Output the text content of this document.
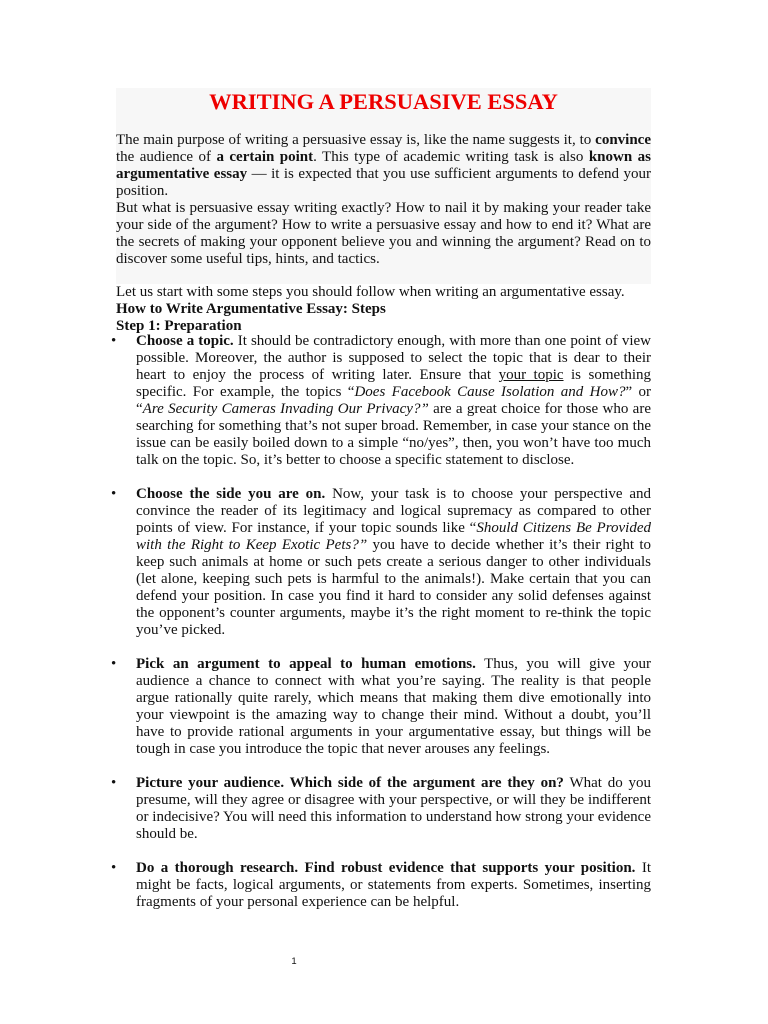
WRITING A PERSUASIVE ESSAY

The main purpose of writing a persuasive essay is, like the name suggests it, to convince the audience of a certain point. This type of academic writing task is also known as argumentative essay — it is expected that you use sufficient arguments to defend your position.

But what is persuasive essay writing exactly? How to nail it by making your reader take your side of the argument? How to write a persuasive essay and how to end it? What are the secrets of making your opponent believe you and winning the argument? Read on to discover some useful tips, hints, and tactics.

Let us start with some steps you should follow when writing an argumentative essay.

How to Write Argumentative Essay: Steps

Step 1: Preparation

• Choose a topic. It should be contradictory enough, with more than one point of view possible. Moreover, the author is supposed to select the topic that is dear to their heart to enjoy the process of writing later. Ensure that your topic is something specific. For example, the topics “Does Facebook Cause Isolation and How?” or “Are Security Cameras Invading Our Privacy?” are a great choice for those who are searching for something that’s not super broad. Remember, in case your stance on the issue can be easily boiled down to a simple “no/yes”, then, you won’t have too much talk on the topic. So, it’s better to choose a specific statement to disclose.
• Choose the side you are on. Now, your task is to choose your perspective and convince the reader of its legitimacy and logical supremacy as compared to other points of view. For instance, if your topic sounds like “Should Citizens Be Provided with the Right to Keep Exotic Pets?” you have to decide whether it’s their right to keep such animals at home or such pets create a serious danger to other individuals (let alone, keeping such pets is harmful to the animals!). Make certain that you can defend your position. In case you find it hard to consider any solid defenses against the opponent’s counter arguments, maybe it’s the right moment to re-think the topic you’ve picked.
• Pick an argument to appeal to human emotions. Thus, you will give your audience a chance to connect with what you’re saying. The reality is that people argue rationally quite rarely, which means that making them dive emotionally into your viewpoint is the amazing way to change their mind. Without a doubt, you’ll have to provide rational arguments in your argumentative essay, but things will be tough in case you introduce the topic that never arouses any feelings.
• Picture your audience. Which side of the argument are they on? What do you presume, will they agree or disagree with your perspective, or will they be indifferent or indecisive? You will need this information to understand how strong your evidence should be.
• Do a thorough research. Find robust evidence that supports your position. It might be facts, logical arguments, or statements from experts. Sometimes, inserting fragments of your personal experience can be helpful.
1
